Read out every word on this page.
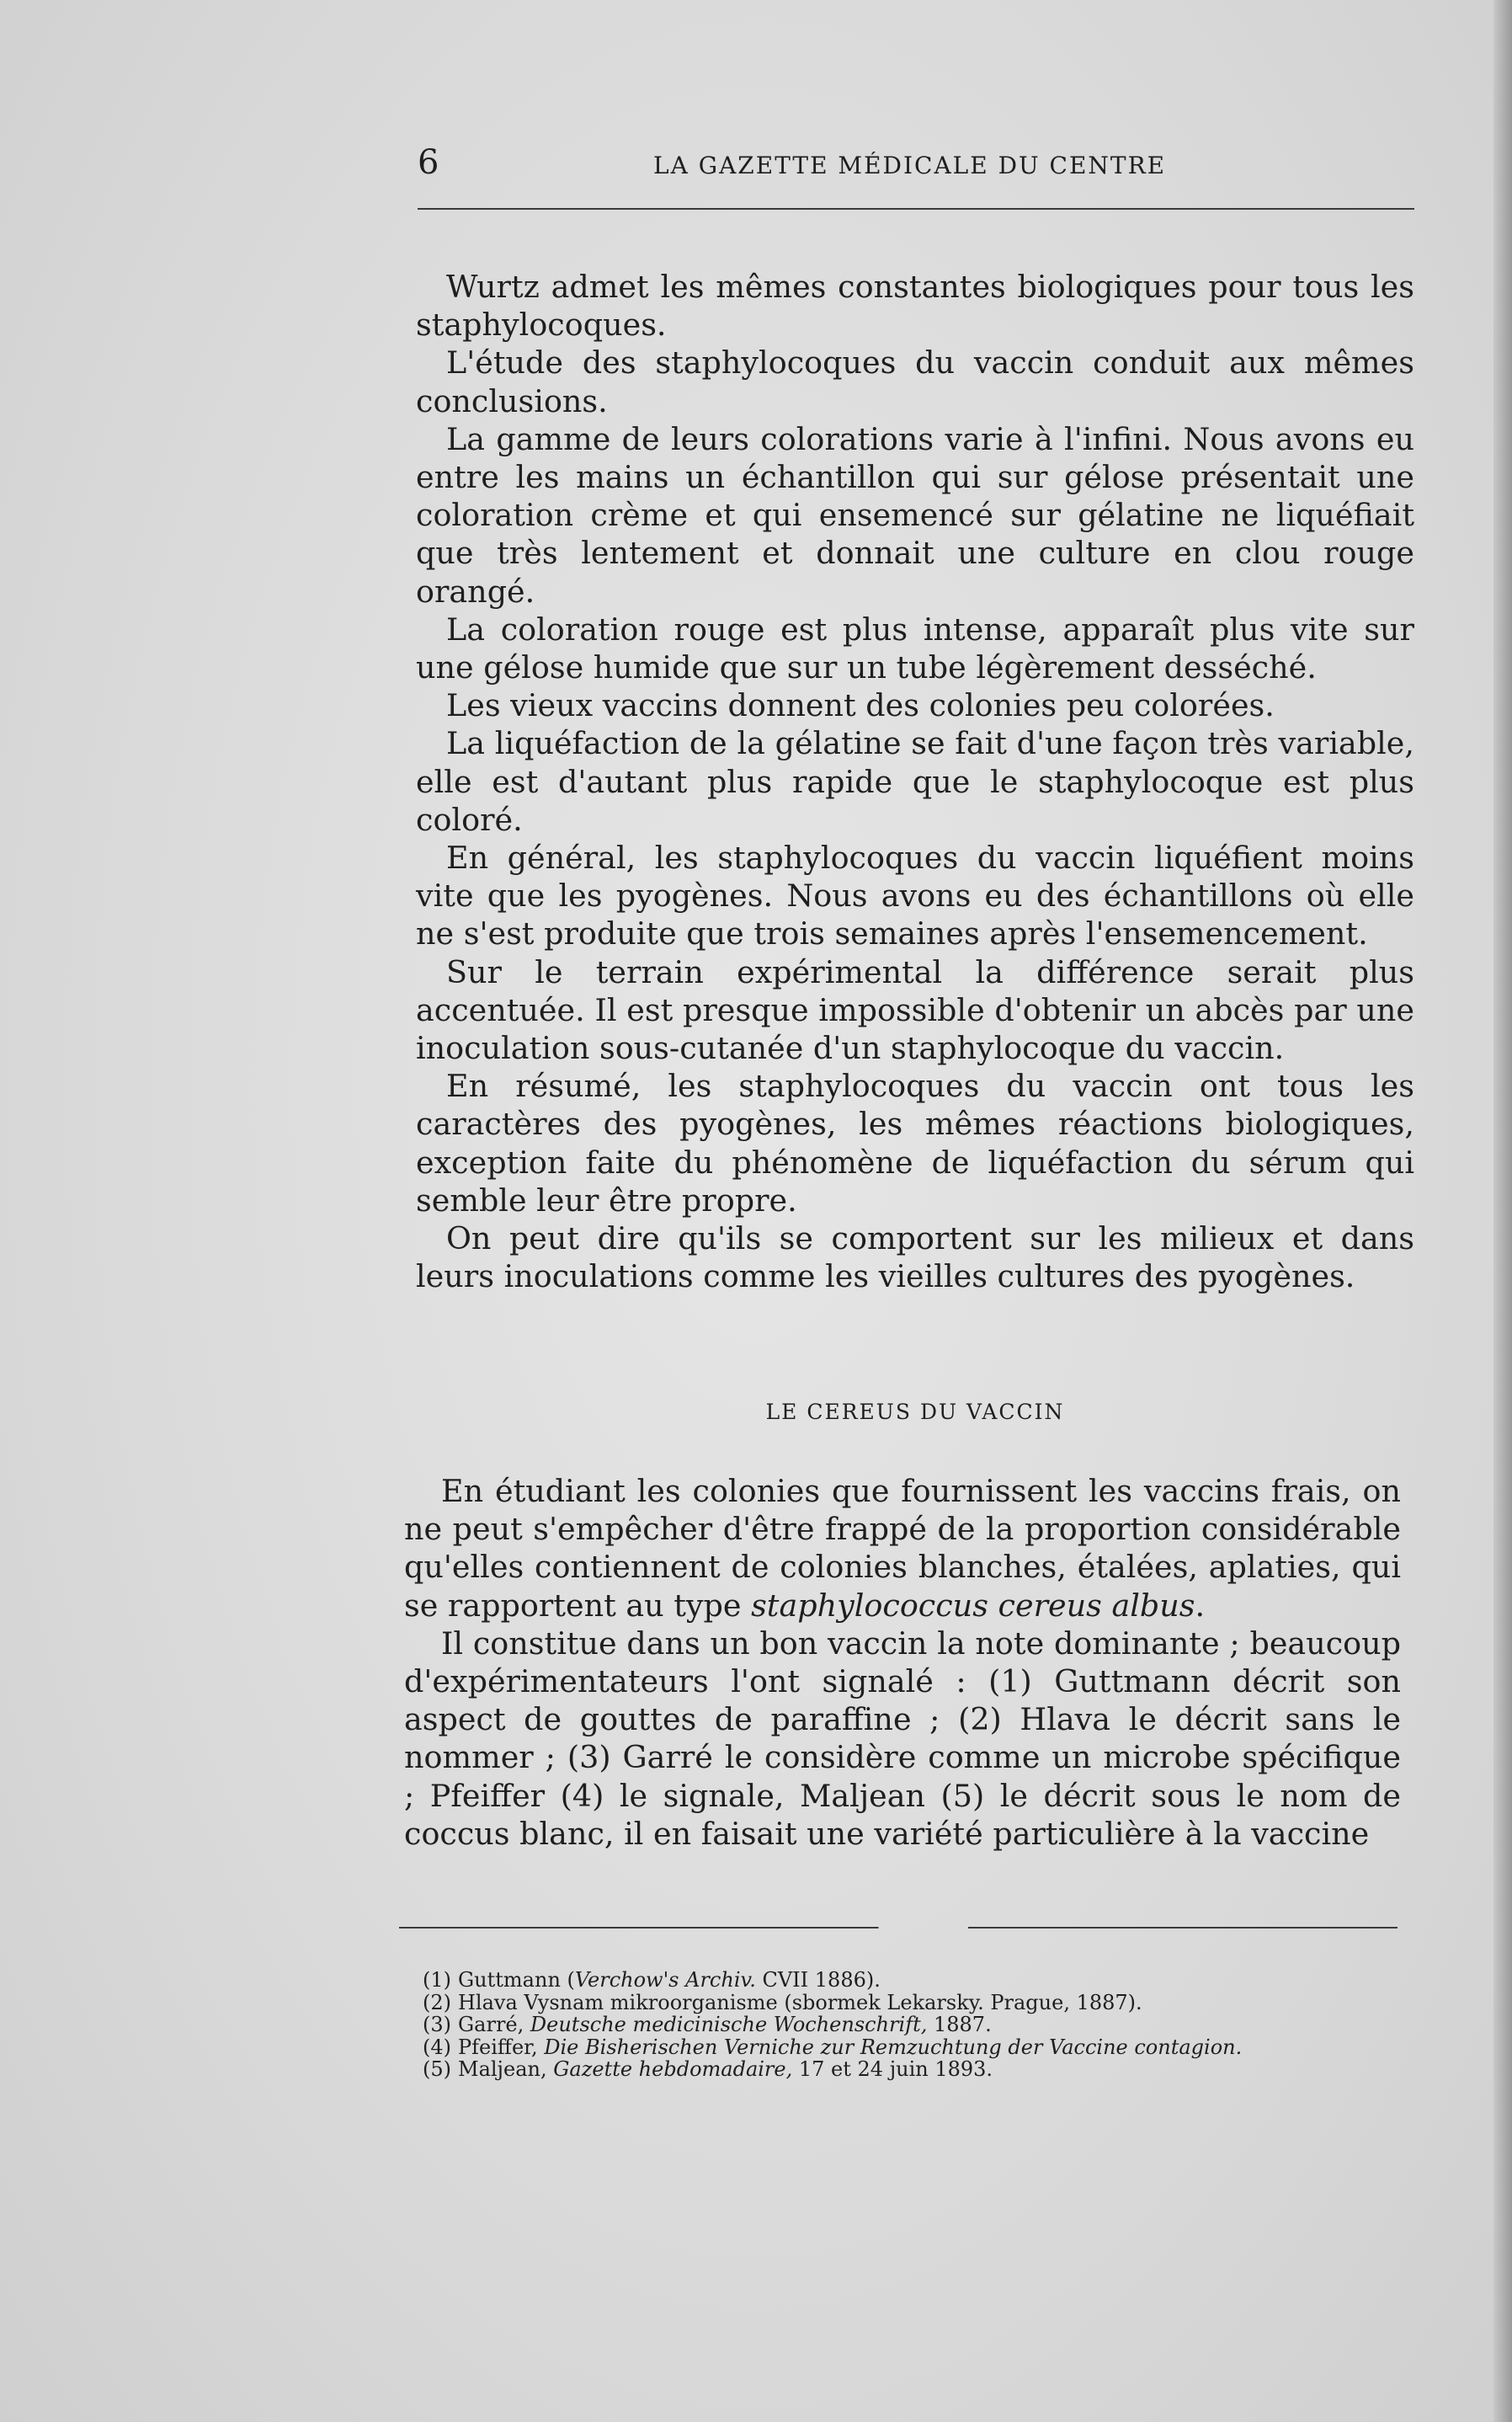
6	LA GAZETTE MÉDICALE DU CENTRE

Wurtz admet les mêmes constantes biologiques pour tous les staphylocoques.

L'étude des staphylocoques du vaccin conduit aux mêmes conclusions.

La gamme de leurs colorations varie à l'infini. Nous avons eu entre les mains un échantillon qui sur gélose présentait une coloration crème et qui ensemencé sur gélatine ne liquéfiait que très lentement et donnait une culture en clou rouge orangé.

La coloration rouge est plus intense, apparaît plus vite sur une gélose humide que sur un tube légèrement desséché.

Les vieux vaccins donnent des colonies peu colorées.

La liquéfaction de la gélatine se fait d'une façon très variable, elle est d'autant plus rapide que le staphylocoque est plus coloré.

En général, les staphylocoques du vaccin liquéfient moins vite que les pyogènes. Nous avons eu des échantillons où elle ne s'est produite que trois semaines après l'ensemencement.

Sur le terrain expérimental la différence serait plus accentuée. Il est presque impossible d'obtenir un abcès par une inoculation sous-cutanée d'un staphylocoque du vaccin.

En résumé, les staphylocoques du vaccin ont tous les caractères des pyogènes, les mêmes réactions biologiques, exception faite du phénomène de liquéfaction du sérum qui semble leur être propre.

On peut dire qu'ils se comportent sur les milieux et dans leurs inoculations comme les vieilles cultures des pyogènes.

LE CEREUS DU VACCIN

En étudiant les colonies que fournissent les vaccins frais, on ne peut s'empêcher d'être frappé de la proportion considérable qu'elles contiennent de colonies blanches, étalées, aplaties, qui se rapportent au type staphylococcus cereus albus.

Il constitue dans un bon vaccin la note dominante ; beaucoup d'expérimentateurs l'ont signalé : (1) Guttmann décrit son aspect de gouttes de paraffine ; (2) Hlava le décrit sans le nommer ; (3) Garré le considère comme un microbe spécifique ; Pfeiffer (4) le signale, Maljean (5) le décrit sous le nom de coccus blanc, il en faisait une variété particulière à la vaccine

(1) Guttmann (Verchow's Archiv. CVII 1886).

(2) Hlava Vysnam mikroorganisme (sbormek Lekarsky. Prague, 1887).

(3) Garré, Deutsche medicinische Wochenschrift, 1887.

(4) Pfeiffer, Die Bisherischen Verniche zur Remzuchtung der Vaccine contagion.

(5) Maljean, Gazette hebdomadaire, 17 et 24 juin 1893.
